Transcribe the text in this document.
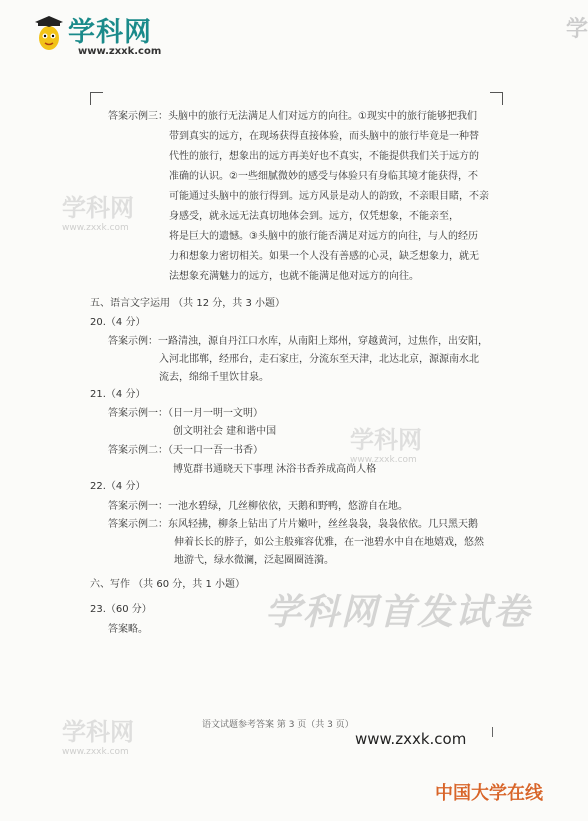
学科网
www.zxxk.com
学
学科网
www.zxxk.com
学科网
www.zxxk.com
学科网
www.zxxk.com
学科网首发试卷
答案示例三：头脑中的旅行无法满足人们对远方的向往。①现实中的旅行能够把我们
带到真实的远方，在现场获得直接体验，而头脑中的旅行毕竟是一种替
代性的旅行，想象出的远方再美好也不真实，不能提供我们关于远方的
准确的认识。②一些细腻微妙的感受与体验只有身临其境才能获得，不
可能通过头脑中的旅行得到。远方风景是动人的韵致，不亲眼目睹，不亲
身感受，就永远无法真切地体会到。远方，仅凭想象，不能亲至，
将是巨大的遗憾。③头脑中的旅行能否满足对远方的向往，与人的经历
力和想象力密切相关。如果一个人没有善感的心灵，缺乏想象力，就无
法想象充满魅力的远方，也就不能满足他对远方的向往。
五、语言文字运用 （共 12 分，共 3 小题）
20.（4 分）
答案示例：一路清浊，源自丹江口水库，从南阳上郑州，穿越黄河，过焦作，出安阳，
入河北邯郸，经邢台，走石家庄，分流东至天津，北达北京，源源南水北
流去，绵绵千里饮甘泉。
21.（4 分）
答案示例一：（日一月一明一文明）
创文明社会 建和谐中国
答案示例二：（天一口一吾一书香）
博览群书通晓天下事理 沐浴书香养成高尚人格
22.（4 分）
答案示例一：一池水碧绿，几丝柳依依，天鹅和野鸭，悠游自在地。
答案示例二：东风轻拂，柳条上钻出了片片嫩叶，丝丝袅袅，袅袅依依。几只黑天鹅
伸着长长的脖子，如公主般雍容优雅，在一池碧水中自在地嬉戏，悠然
地游弋，绿水微澜，泛起圈圈涟漪。
六、写作 （共 60 分，共 1 小题）
23.（60 分）
答案略。
语文试题参考答案 第 3 页（共 3 页）
www.zxxk.com
中国大学在线
